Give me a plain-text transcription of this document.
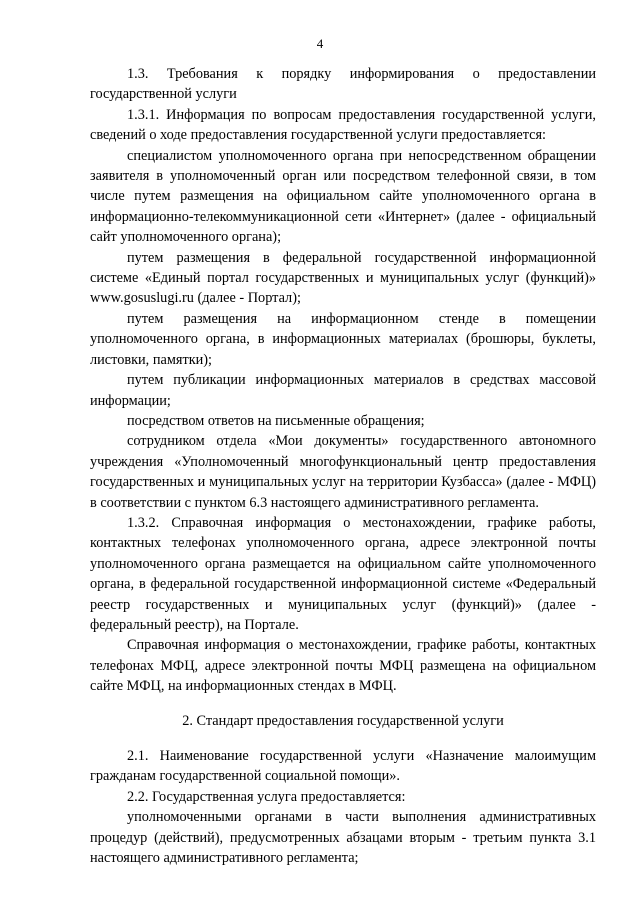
4

1.3. Требования к порядку информирования о предоставлении государственной услуги

1.3.1. Информация по вопросам предоставления государственной услуги, сведений о ходе предоставления государственной услуги предоставляется:

специалистом уполномоченного органа при непосредственном обращении заявителя в уполномоченный орган или посредством телефонной связи, в том числе путем размещения на официальном сайте уполномоченного органа в информационно-телекоммуникационной сети «Интернет» (далее - официальный сайт уполномоченного органа);

путем размещения в федеральной государственной информационной системе «Единый портал государственных и муниципальных услуг (функций)» www.gosuslugi.ru (далее - Портал);

путем размещения на информационном стенде в помещении уполномоченного органа, в информационных материалах (брошюры, буклеты, листовки, памятки);

путем публикации информационных материалов в средствах массовой информации;

посредством ответов на письменные обращения;

сотрудником отдела «Мои документы» государственного автономного учреждения «Уполномоченный многофункциональный центр предоставления государственных и муниципальных услуг на территории Кузбасса» (далее - МФЦ) в соответствии с пунктом 6.3 настоящего административного регламента.

1.3.2. Справочная информация о местонахождении, графике работы, контактных телефонах уполномоченного органа, адресе электронной почты уполномоченного органа размещается на официальном сайте уполномоченного органа, в федеральной государственной информационной системе «Федеральный реестр государственных и муниципальных услуг (функций)» (далее - федеральный реестр), на Портале.

Справочная информация о местонахождении, графике работы, контактных телефонах МФЦ, адресе электронной почты МФЦ размещена на официальном сайте МФЦ, на информационных стендах в МФЦ.

2. Стандарт предоставления государственной услуги

2.1. Наименование государственной услуги «Назначение малоимущим гражданам государственной социальной помощи».

2.2. Государственная услуга предоставляется:

уполномоченными органами в части выполнения административных процедур (действий), предусмотренных абзацами вторым - третьим пункта 3.1 настоящего административного регламента;
